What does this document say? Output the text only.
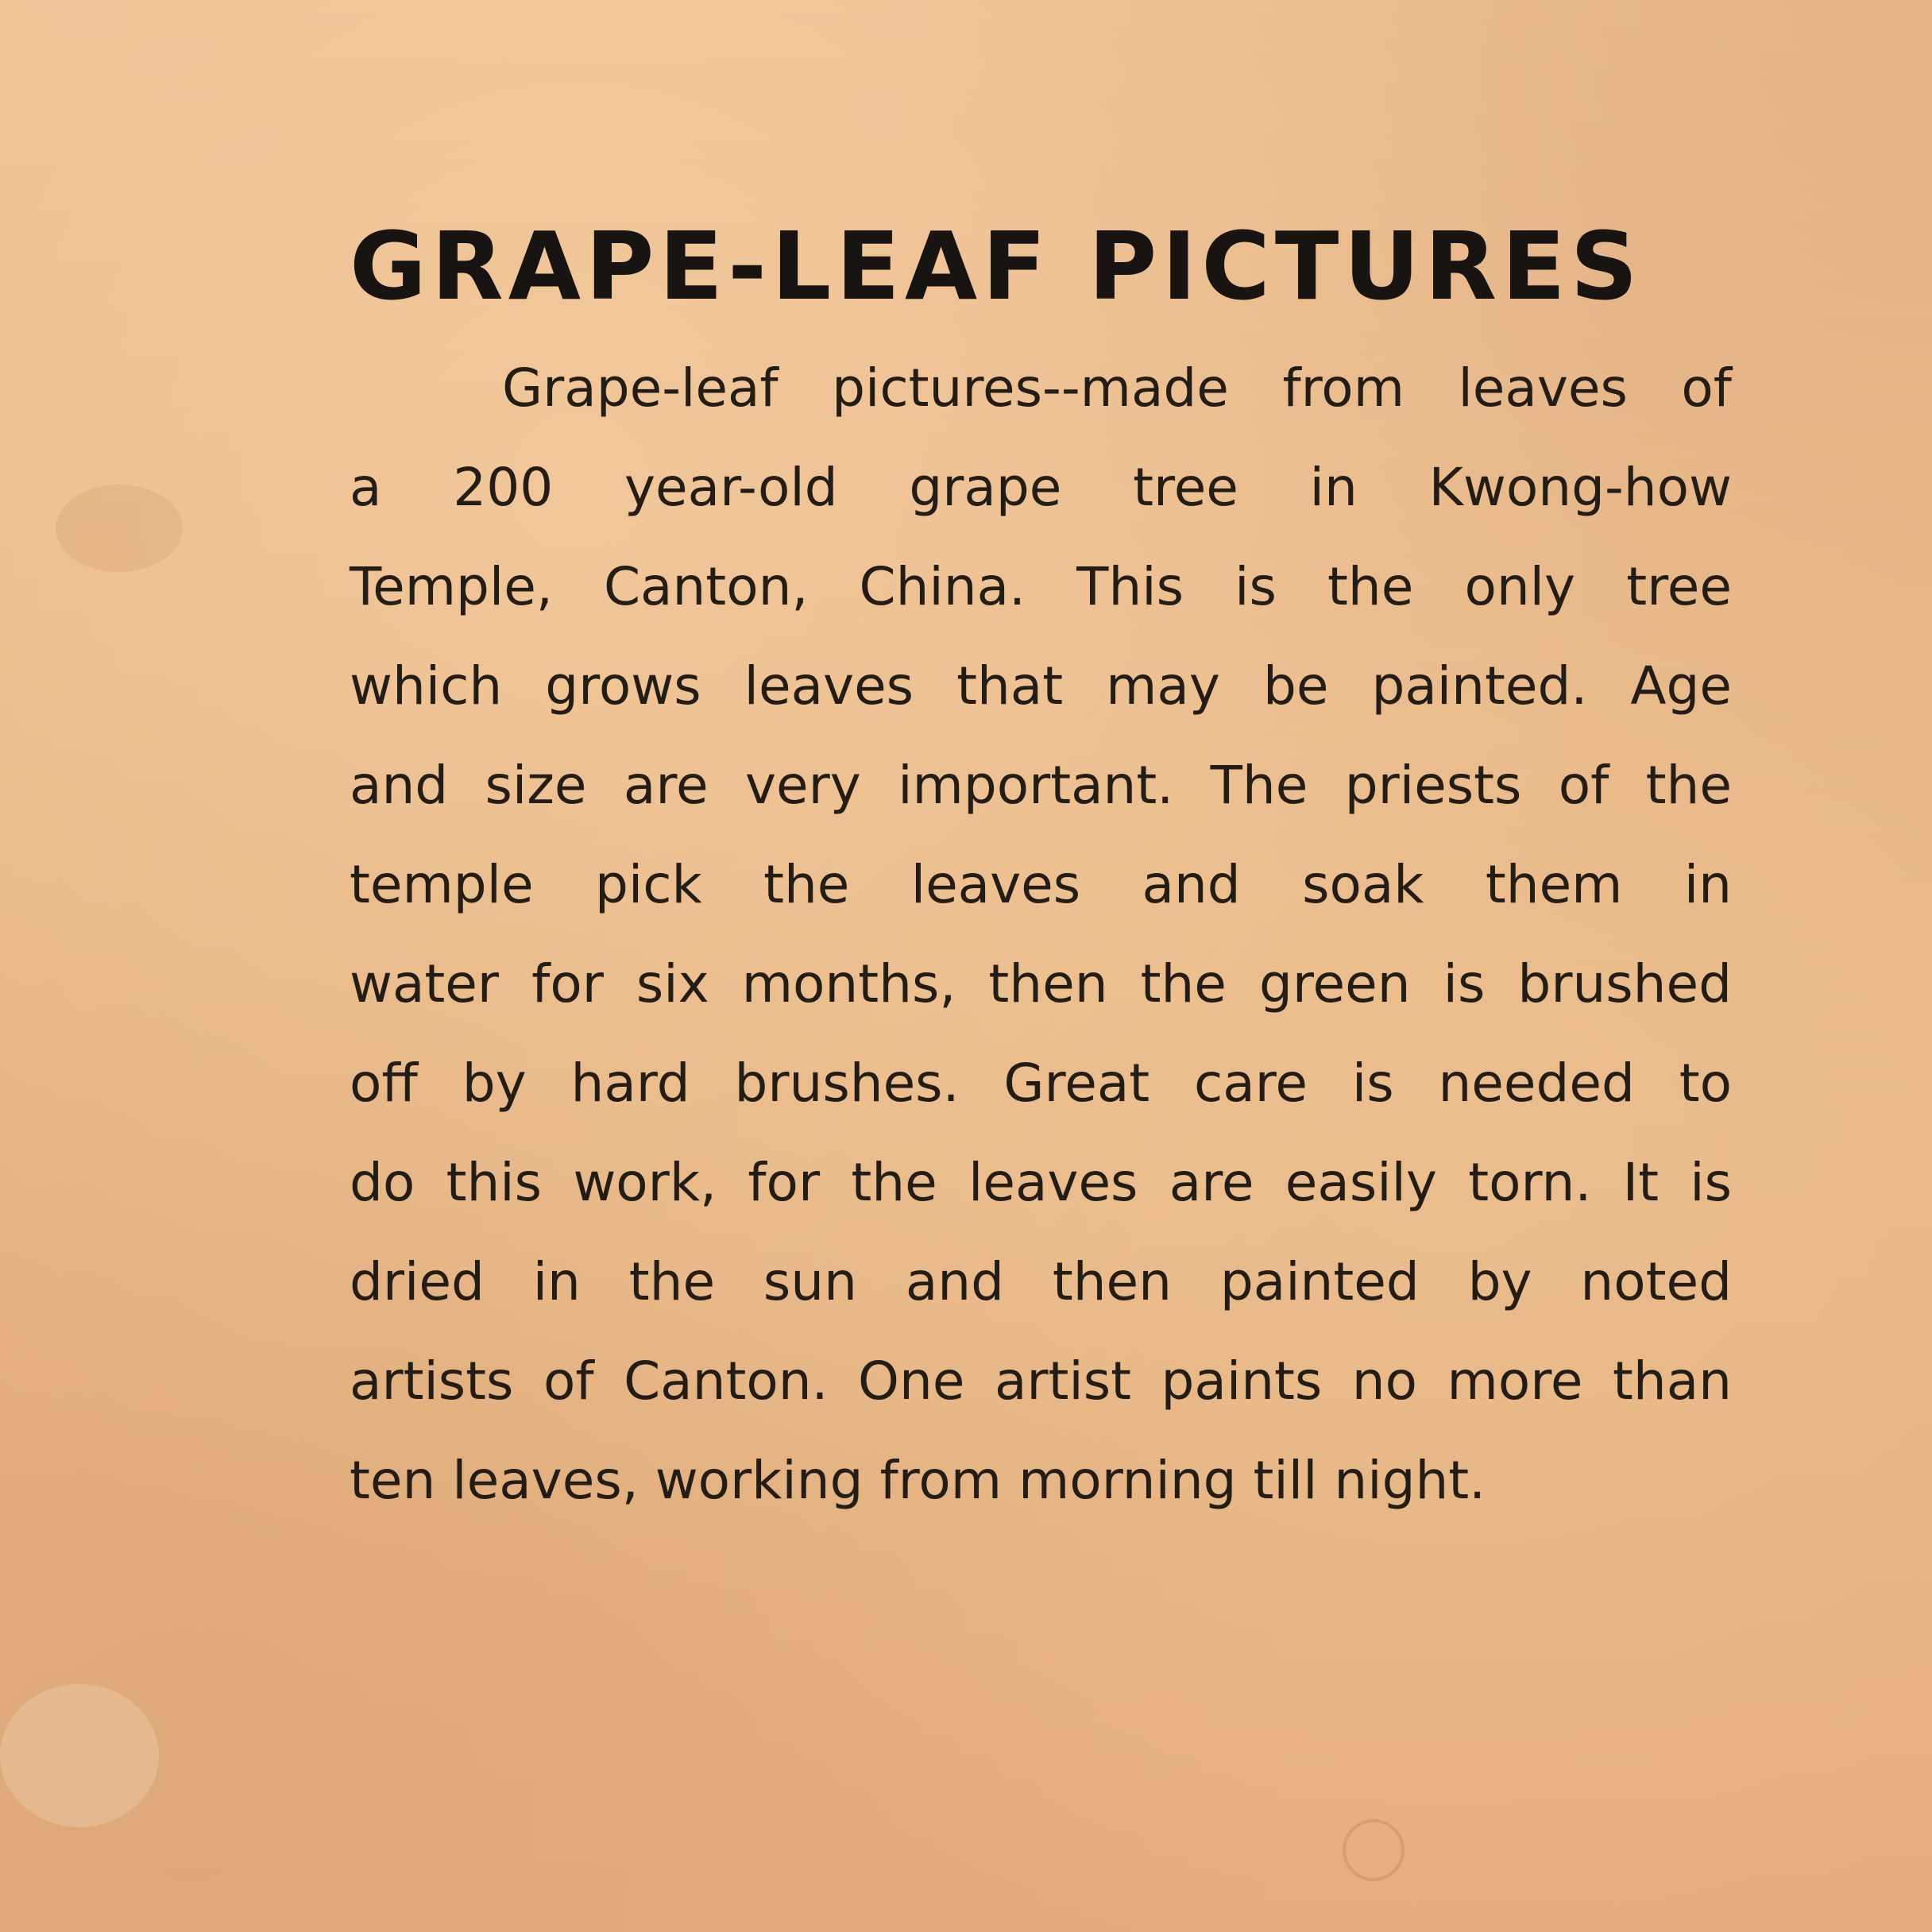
GRAPE-LEAF PICTURES
Grape-leaf pictures--made from leaves of
a 200 year-old grape tree in Kwong-how
Temple, Canton, China. This is the only tree
which grows leaves that may be painted. Age
and size are very important. The priests of the
temple pick the leaves and soak them in
water for six months, then the green is brushed
off by hard brushes. Great care is needed to
do this work, for the leaves are easily torn. It is
dried in the sun and then painted by noted
artists of Canton. One artist paints no more than
ten leaves, working from morning till night.
